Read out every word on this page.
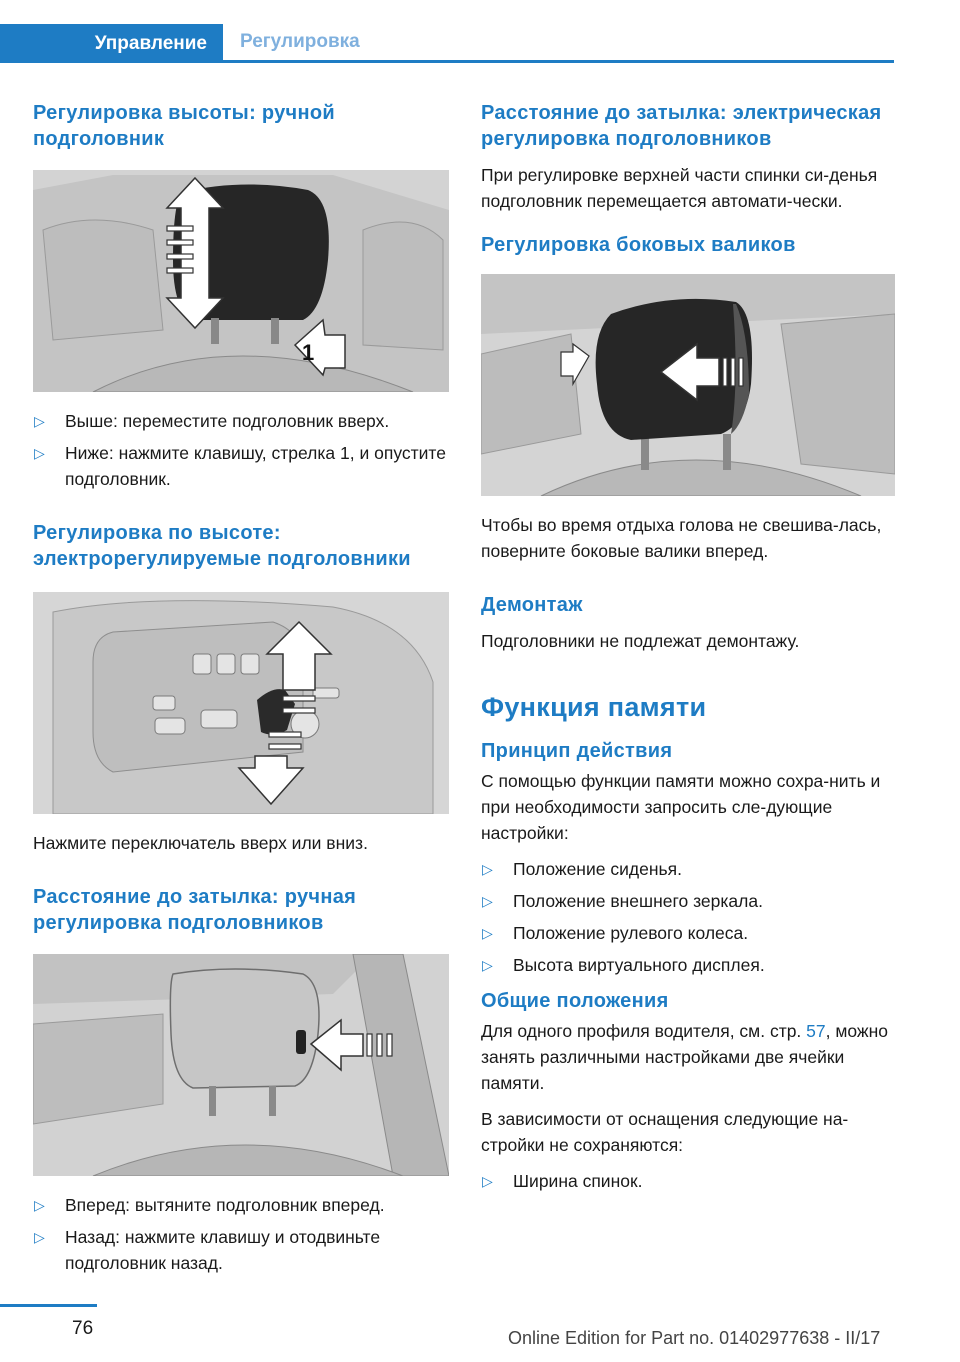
Управление Регулировка
Регулировка высоты: ручной подголовник
1
▷ Выше: переместите подголовник вверх.
▷ Ниже: нажмите клавишу, стрелка 1, и опустите подголовник.
Регулировка по высоте: электрорегулируемые подголовники

Нажмите переключатель вверх или вниз.

Расстояние до затылка: ручная регулировка подголовников
▷ Вперед: вытяните подголовник вперед.
▷ Назад: нажмите клавишу и отодвиньте подголовник назад.
Расстояние до затылка: электрическая регулировка подголовников

При регулировке верхней части спинки си-денья подголовник перемещается автомати-чески.

Регулировка боковых валиков

Чтобы во время отдыха голова не свешива-лась, поверните боковые валики вперед.

Демонтаж

Подголовники не подлежат демонтажу.

Функция памяти
Принцип действия

С помощью функции памяти можно сохра-нить и при необходимости запросить сле-дующие настройки:

▷ Положение сиденья.
▷ Положение внешнего зеркала.
▷ Положение рулевого колеса.
▷ Высота виртуального дисплея.
Общие положения

Для одного профиля водителя, см. стр. 57, можно занять различными настройками две ячейки памяти.

В зависимости от оснащения следующие на-стройки не сохраняются:

▷ Ширина спинок.
76	Online Edition for Part no. 01402977638 - II/17
